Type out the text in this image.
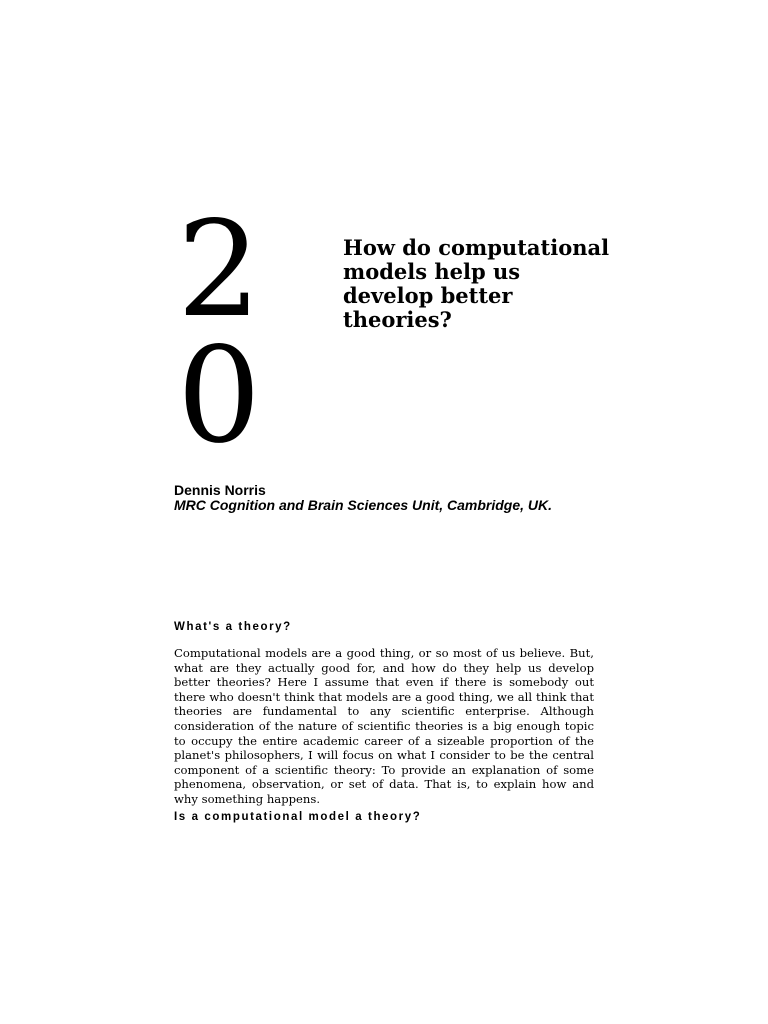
2
0
How do computational models help us develop better theories?
Dennis Norris
MRC Cognition and Brain Sciences Unit, Cambridge, UK.
What's a theory?

Computational models are a good thing, or so most of us believe. But, what are they actually good for, and how do they help us develop better theories? Here I assume that even if there is somebody out there who doesn't think that models are a good thing, we all think that theories are fundamental to any scientific enterprise. Although consideration of the nature of scientific theories is a big enough topic to occupy the entire academic career of a sizeable proportion of the planet's philosophers, I will focus on what I consider to be the central component of a scientific theory: To provide an explanation of some phenomena, observation, or set of data. That is, to explain how and why something happens.

Is a computational model a theory?
